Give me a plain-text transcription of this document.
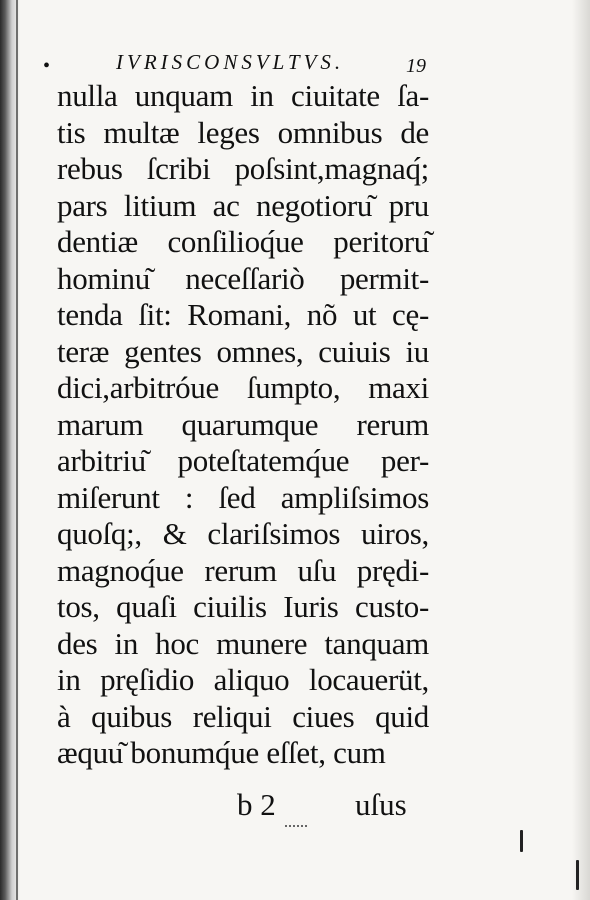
•	IVRISCONSVLTVS.	19
nulla unquam in ciuitate ſa-
tis multæ leges omnibus de
rebus ſcribi poſsint,magnaq́;
pars litium ac negotioru͂ pru
dentiæ conſilioq́ue peritoru͂
hominu͂ neceſſariò permit-
tenda ſit: Romani, nõ ut cę-
teræ gentes omnes, cuiuis iu
dici,arbitróue ſumpto, maxi
marum quarumque rerum
arbitriu͂ poteſtatemq́ue per-
miſerunt : ſed ampliſsimos
quoſq;, & clariſsimos uiros,
magnoq́ue rerum uſu prędi-
tos, quaſi ciuilis Iuris custo-
des in hoc munere tanquam
in pręſidio aliquo locauerüt,
à quibus reliqui ciues quid
æquu͂ bonumq́ue eſſet, cum
b 2	uſus
